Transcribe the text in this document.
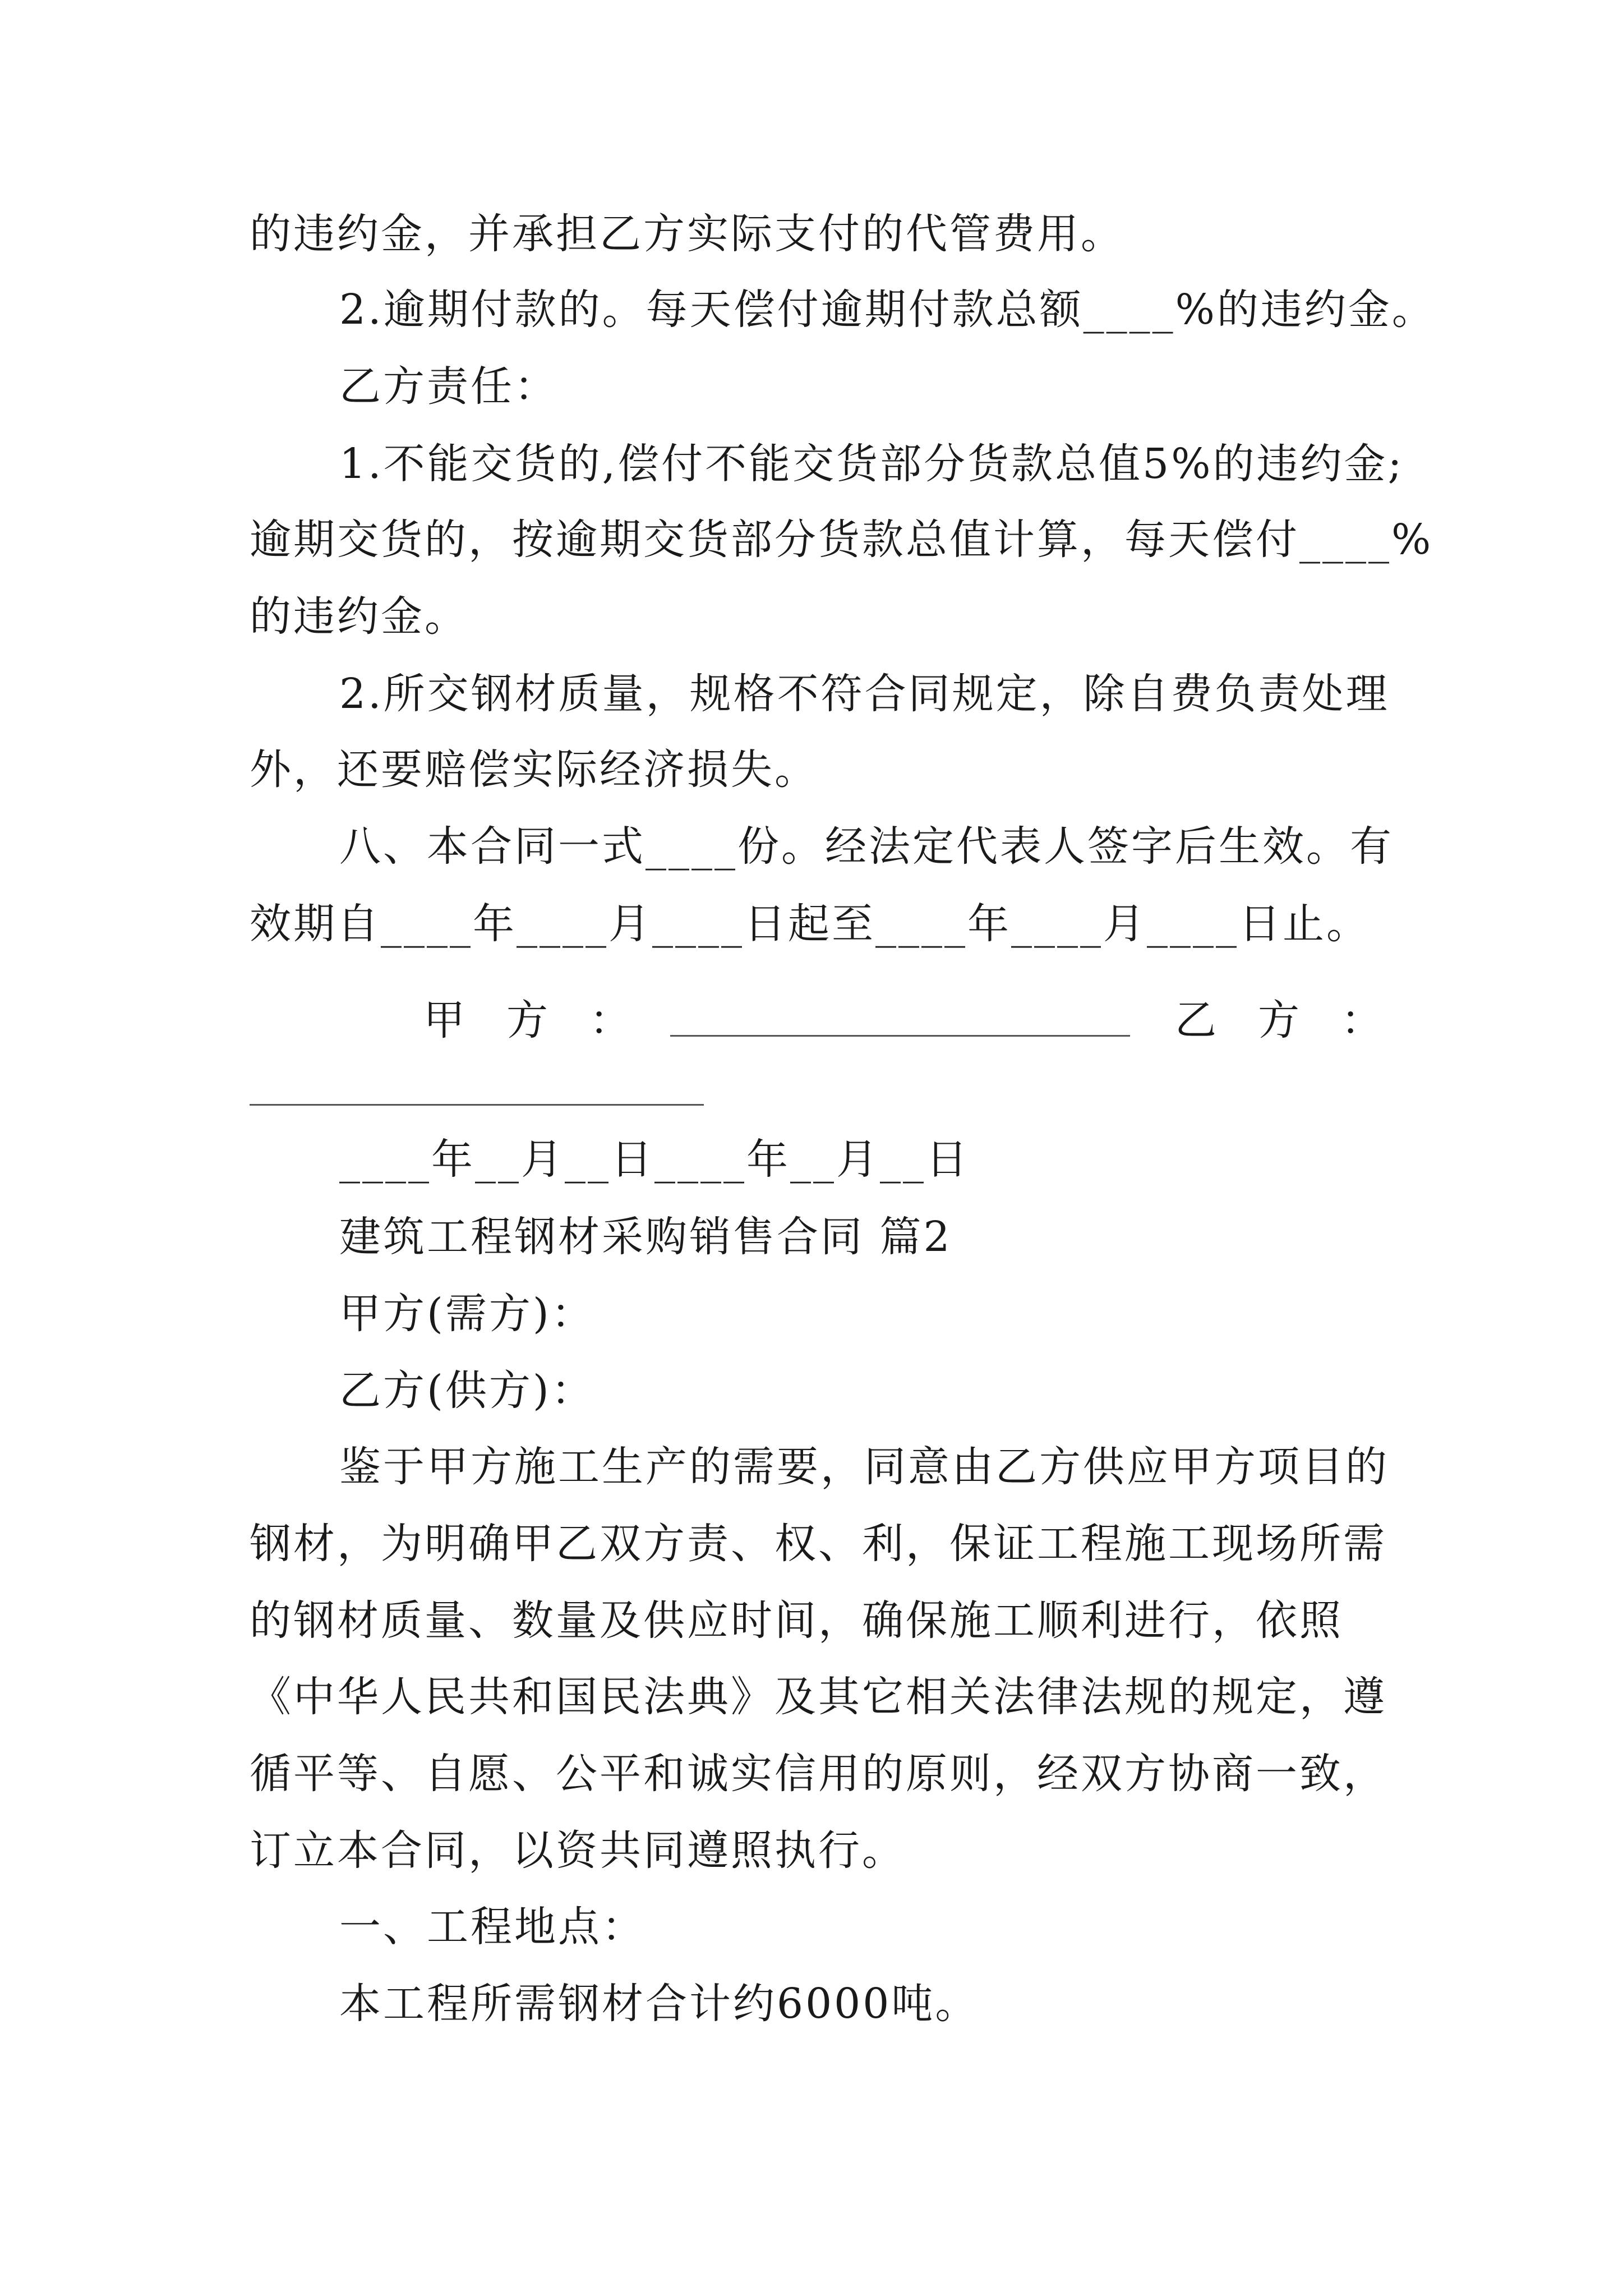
的违约金，并承担乙方实际支付的代管费用。
2.逾期付款的。每天偿付逾期付款总额____%的违约金。
乙方责任：
1.不能交货的,偿付不能交货部分货款总值5%的违约金;
逾期交货的，按逾期交货部分货款总值计算，每天偿付____%
的违约金。
2.所交钢材质量，规格不符合同规定，除自费负责处理
外，还要赔偿实际经济损失。
八、本合同一式____份。经法定代表人签字后生效。有
效期自____年____月____日起至____年____月____日止。
甲　方　：	乙　方　：
____年__月__日____年__月__日
建筑工程钢材采购销售合同 篇2
甲方(需方)：
乙方(供方)：
鉴于甲方施工生产的需要，同意由乙方供应甲方项目的
钢材，为明确甲乙双方责、权、利，保证工程施工现场所需
的钢材质量、数量及供应时间，确保施工顺利进行，依照
《中华人民共和国民法典》及其它相关法律法规的规定，遵
循平等、自愿、公平和诚实信用的原则，经双方协商一致，
订立本合同，以资共同遵照执行。
一、工程地点：
本工程所需钢材合计约6000吨。
